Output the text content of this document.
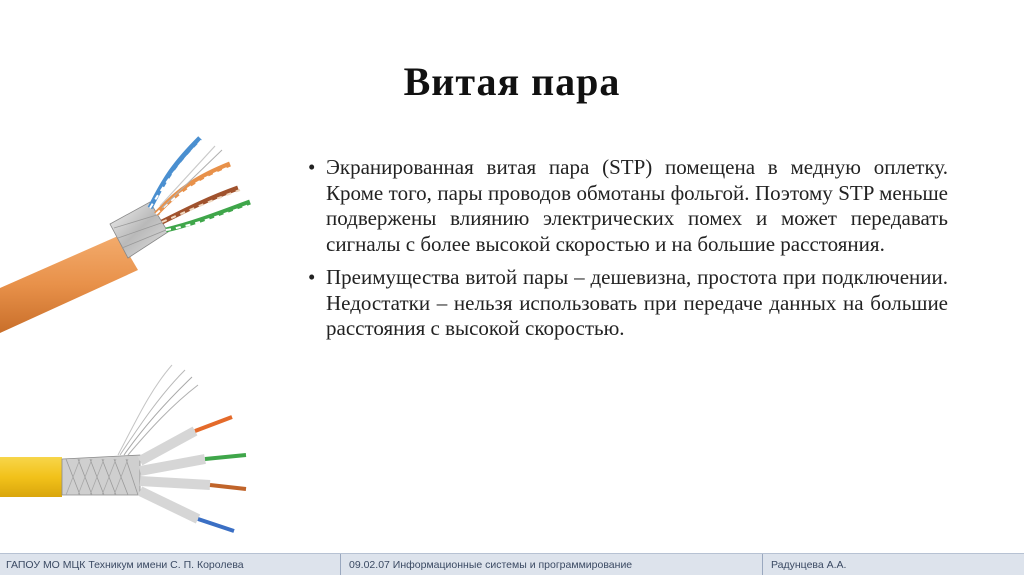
Витая пара
• Экранированная витая пара (STP) помещена в медную оплетку. Кроме того, пары проводов обмотаны фольгой. Поэтому STP меньше подвержены влиянию электрических помех и может передавать сигналы с более высокой скоростью и на большие расстояния.
• Преимущества витой пары – дешевизна, простота при подключении. Недостатки – нельзя использовать при передаче данных на большие расстояния с высокой скоростью.
ГАПОУ МО МЦК Техникум имени С. П. Королева	09.02.07 Информационные системы и программирование	Радунцева А.А.
